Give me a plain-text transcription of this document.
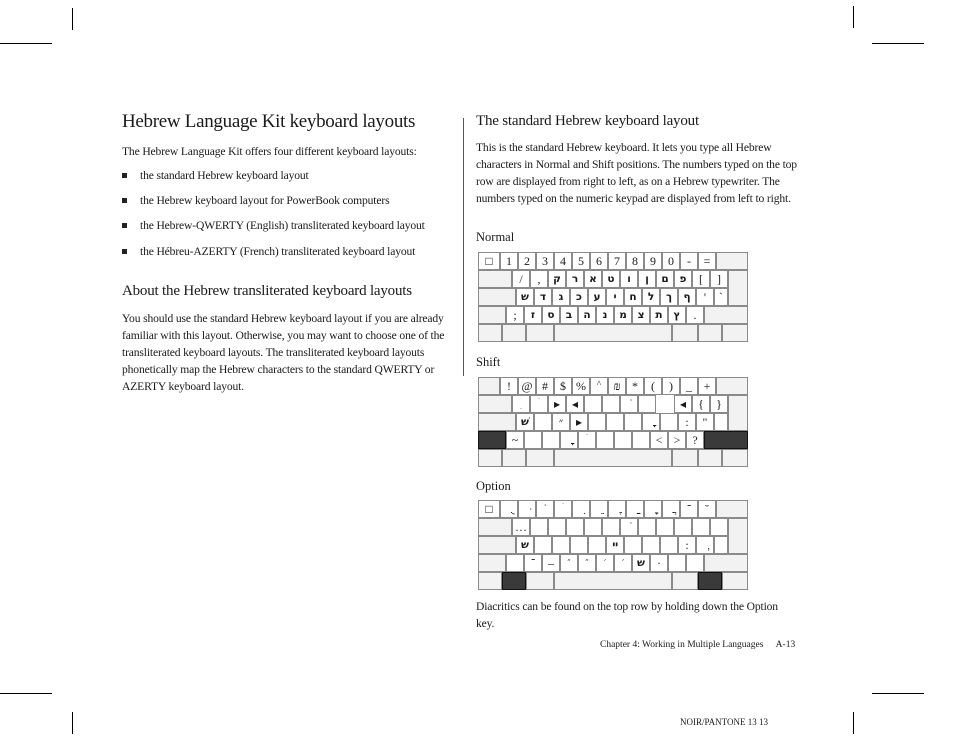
Hebrew Language Kit keyboard layouts

The Hebrew Language Kit offers four different keyboard layouts:

the standard Hebrew keyboard layout
the Hebrew keyboard layout for PowerBook computers
the Hebrew-QWERTY (English) transliterated keyboard layout
the Hébreu-AZERTY (French) transliterated keyboard layout
About the Hebrew transliterated keyboard layouts

You should use the standard Hebrew keyboard layout if you are already familiar with this layout. Otherwise, you may want to choose one of the transliterated keyboard layouts. The transliterated keyboard layouts phonetically map the Hebrew characters to the standard QWERTY or AZERTY keyboard layout.

The standard Hebrew keyboard layout

This is the standard Hebrew keyboard. It lets you type all Hebrew characters in Normal and Shift positions. The numbers typed on the top row are displayed from right to left, as on a Hebrew typewriter. The numbers typed on the numeric keypad are displayed from left to right.

Normal
□	1	2	3	4	5	6	7	8	9	0	-	=
/	,	ק	ר	א	ט	ו	ן	ם	פ	[	]
ש	ד	ג	כ	ע	י	ח	ל	ך	ף	'	`
;	ז	ס	ב	ה	נ	מ	צ	ת	ץ	.
Shift
! @ #	$ %	^	₪ *	(	)	_ +
▸ ◂	◂	{	}
שׁ	״	▸	:	"
~	< > ?
Option
□	־	˘
…
ש	ײ	:
־	–	״	״	׳	׳	ש	·

Diacritics can be found on the top row by holding down the Option key.

Chapter 4: Working in Multiple Languages A-13
NOIR/PANTONE 13 13
